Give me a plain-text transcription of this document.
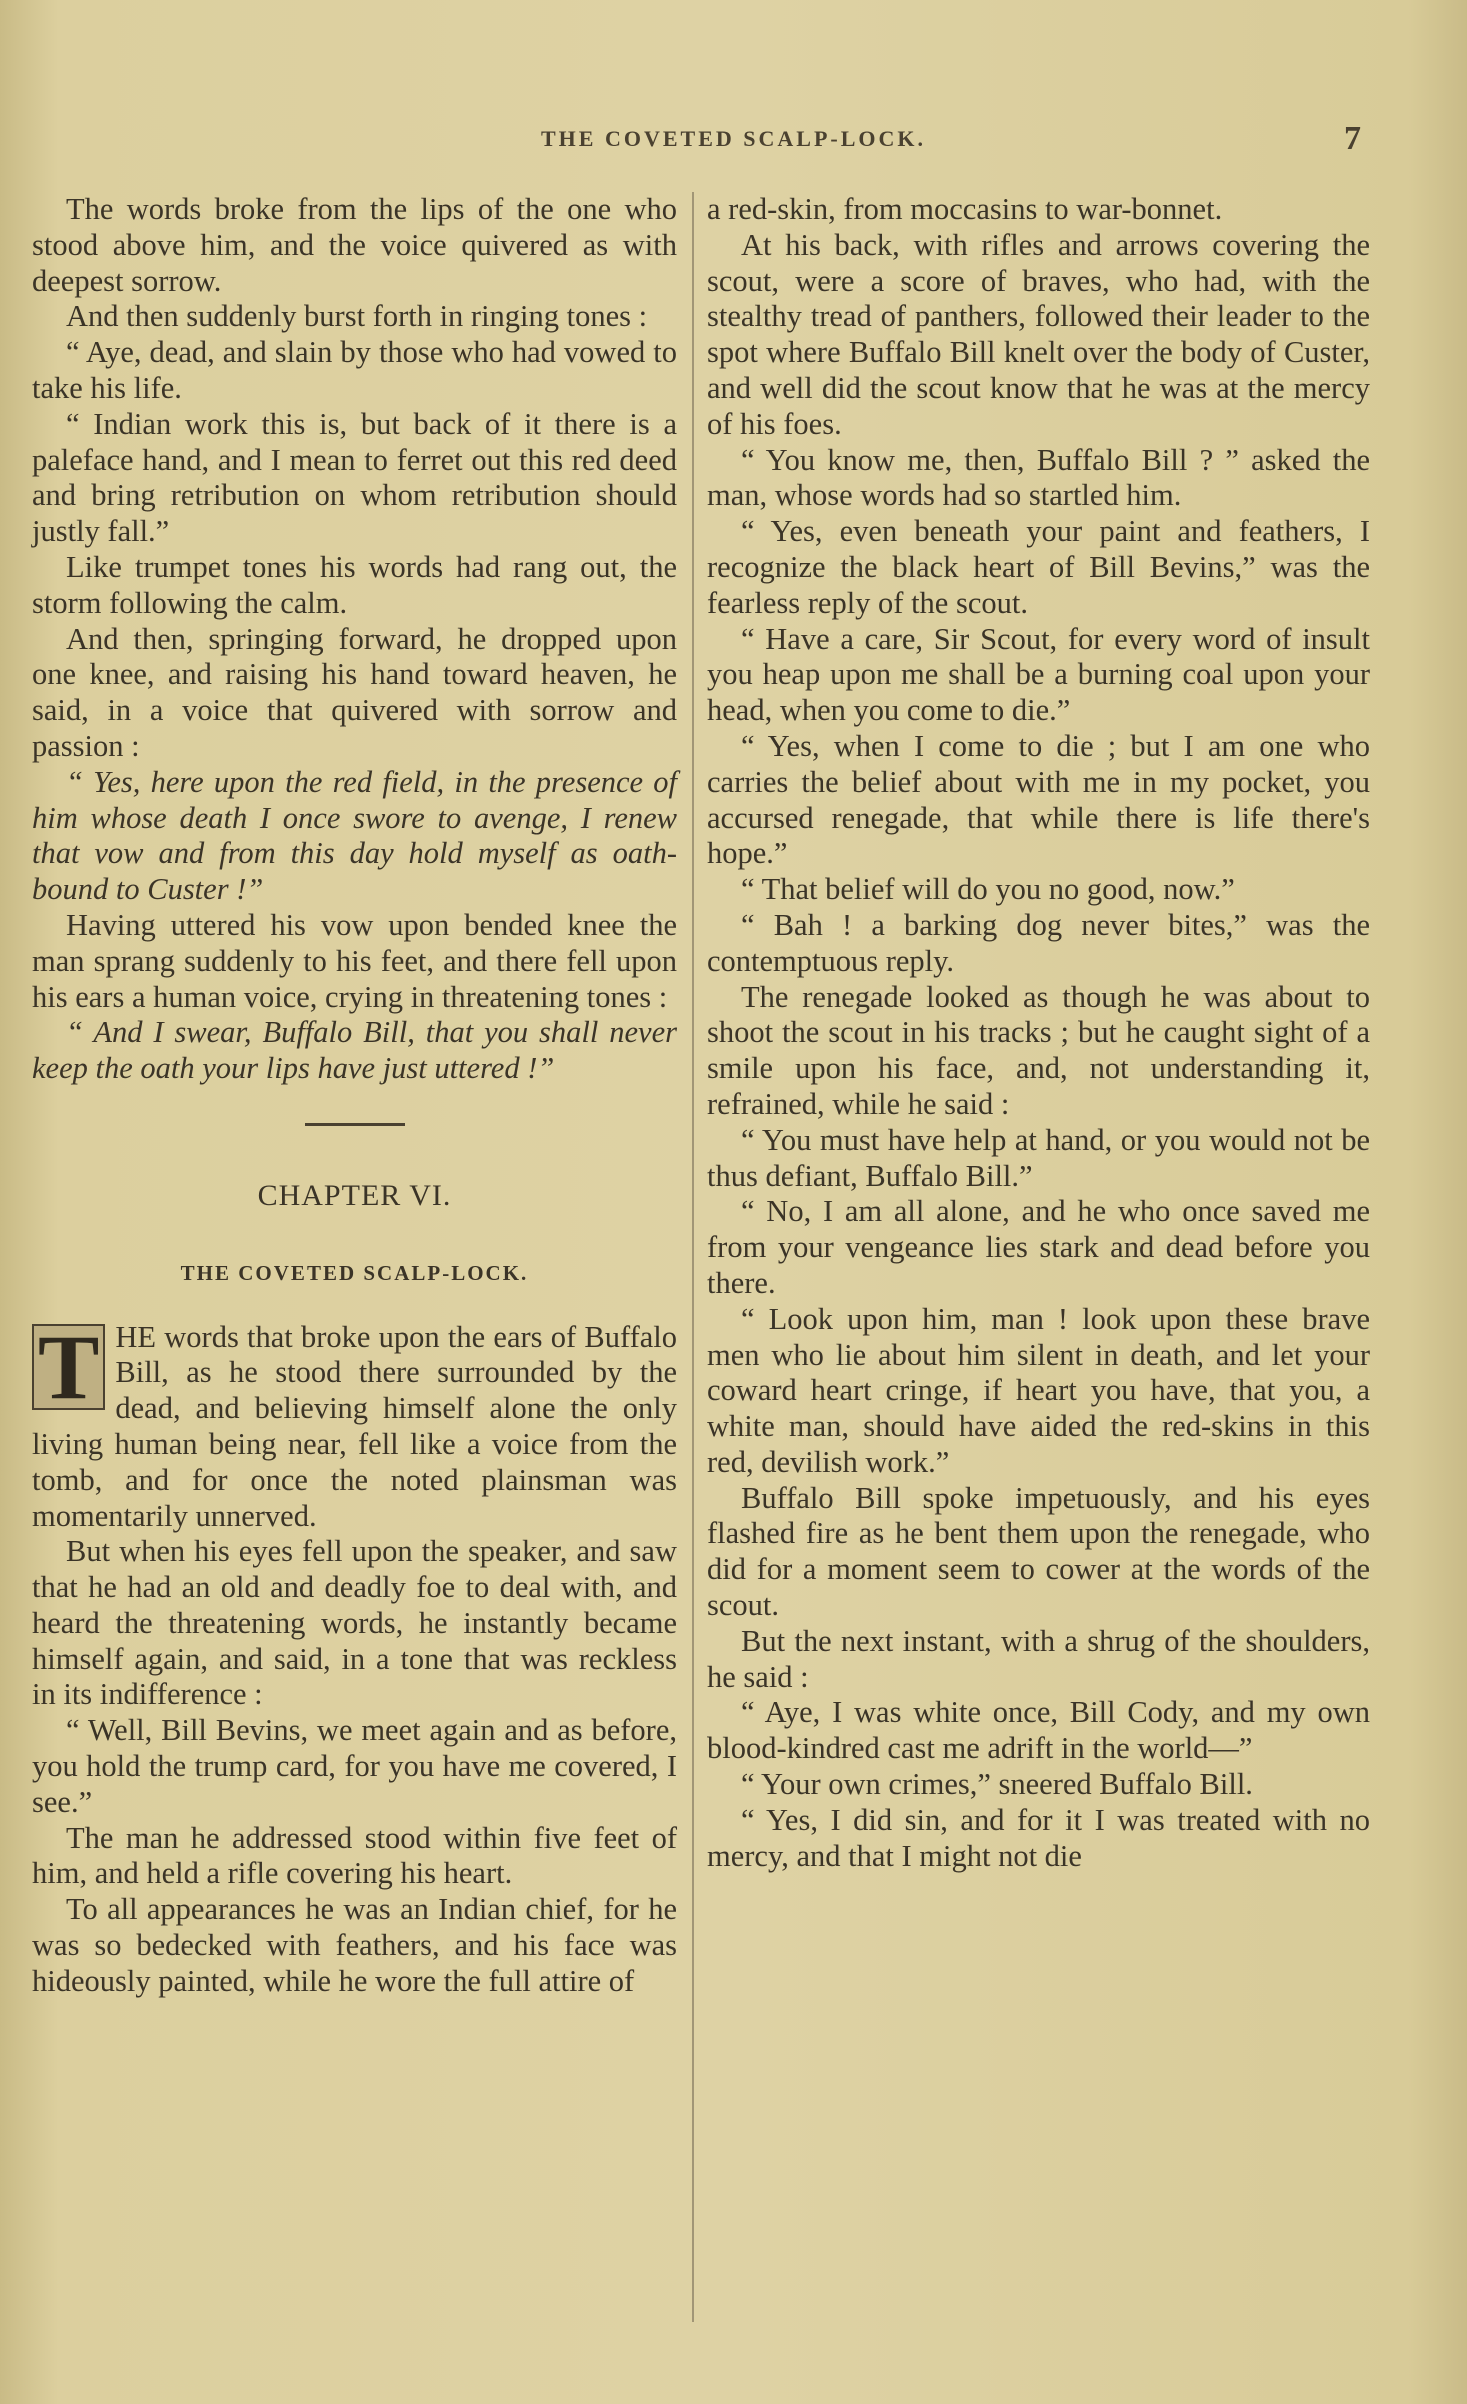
THE COVETED SCALP-LOCK.	7

The words broke from the lips of the one who stood above him, and the voice quivered as with deepest sorrow.

And then suddenly burst forth in ringing tones :

“ Aye, dead, and slain by those who had vowed to take his life.

“ Indian work this is, but back of it there is a paleface hand, and I mean to ferret out this red deed and bring retribution on whom retribution should justly fall.”

Like trumpet tones his words had rang out, the storm following the calm.

And then, springing forward, he dropped upon one knee, and raising his hand toward heaven, he said, in a voice that quivered with sorrow and passion :

“ Yes, here upon the red field, in the presence of him whose death I once swore to avenge, I renew that vow and from this day hold myself as oath-bound to Custer !”

Having uttered his vow upon bended knee the man sprang suddenly to his feet, and there fell upon his ears a human voice, crying in threatening tones :

“ And I swear, Buffalo Bill, that you shall never keep the oath your lips have just uttered !”

CHAPTER VI.
THE COVETED SCALP-LOCK.

T HE words that broke upon the ears of Buffalo Bill, as he stood there surrounded by the dead, and believing himself alone the only living human being near, fell like a voice from the tomb, and for once the noted plainsman was momentarily unnerved.

But when his eyes fell upon the speaker, and saw that he had an old and deadly foe to deal with, and heard the threatening words, he instantly became himself again, and said, in a tone that was reckless in its indifference :

“ Well, Bill Bevins, we meet again and as before, you hold the trump card, for you have me covered, I see.”

The man he addressed stood within five feet of him, and held a rifle covering his heart.

To all appearances he was an Indian chief, for he was so bedecked with feathers, and his face was hideously painted, while he wore the full attire of

a red-skin, from moccasins to war-bonnet.

At his back, with rifles and arrows covering the scout, were a score of braves, who had, with the stealthy tread of panthers, followed their leader to the spot where Buffalo Bill knelt over the body of Custer, and well did the scout know that he was at the mercy of his foes.

“ You know me, then, Buffalo Bill ? ” asked the man, whose words had so startled him.

“ Yes, even beneath your paint and feathers, I recognize the black heart of Bill Bevins,” was the fearless reply of the scout.

“ Have a care, Sir Scout, for every word of insult you heap upon me shall be a burning coal upon your head, when you come to die.”

“ Yes, when I come to die ; but I am one who carries the belief about with me in my pocket, you accursed renegade, that while there is life there's hope.”

“ That belief will do you no good, now.”

“ Bah ! a barking dog never bites,” was the contemptuous reply.

The renegade looked as though he was about to shoot the scout in his tracks ; but he caught sight of a smile upon his face, and, not understanding it, refrained, while he said :

“ You must have help at hand, or you would not be thus defiant, Buffalo Bill.”

“ No, I am all alone, and he who once saved me from your vengeance lies stark and dead before you there.

“ Look upon him, man ! look upon these brave men who lie about him silent in death, and let your coward heart cringe, if heart you have, that you, a white man, should have aided the red-skins in this red, devilish work.”

Buffalo Bill spoke impetuously, and his eyes flashed fire as he bent them upon the renegade, who did for a moment seem to cower at the words of the scout.

But the next instant, with a shrug of the shoulders, he said :

“ Aye, I was white once, Bill Cody, and my own blood-kindred cast me adrift in the world—”

“ Your own crimes,” sneered Buffalo Bill.

“ Yes, I did sin, and for it I was treated with no mercy, and that I might not die
